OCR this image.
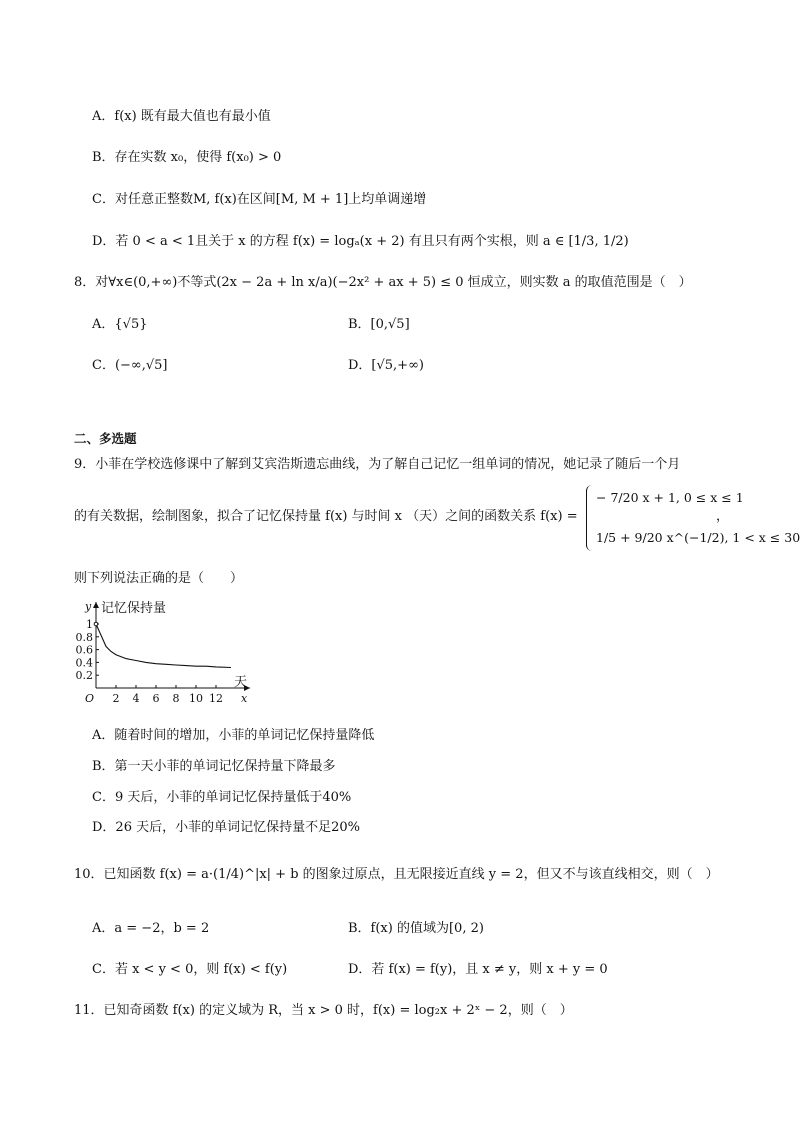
A．f(x) 既有最大值也有最小值
B．存在实数 x₀，使得 f(x₀) > 0
C．对任意正整数M, f(x)在区间[M, M + 1]上均单调递增
D．若 0 < a < 1且关于 x 的方程 f(x) = logₐ(x + 2) 有且只有两个实根，则 a ∈ [1/3, 1/2)
8．对∀x∈(0,+∞)不等式(2x − 2a + ln x/a)(−2x² + ax + 5) ≤ 0 恒成立，则实数 a 的取值范围是（　）
A．{√5}	B．[0,√5]
C．(−∞,√5]	D．[√5,+∞)
二、多选题
9．小菲在学校选修课中了解到艾宾浩斯遗忘曲线，为了解自己记忆一组单词的情况，她记录了随后一个月
的有关数据，绘制图象，拟合了记忆保持量 f(x) 与时间 x （天）之间的函数关系 f(x) =
− 7/20 x + 1, 0 ≤ x ≤ 1
1/5 + 9/20 x^(−1/2), 1 < x ≤ 30
，
则下列说法正确的是（　　）
y 记忆保持量
天
x
O 2 4 6 8 10 12
0.2
0.4
0.6
0.8
1
A．随着时间的增加，小菲的单词记忆保持量降低
B．第一天小菲的单词记忆保持量下降最多
C．9 天后，小菲的单词记忆保持量低于40%
D．26 天后，小菲的单词记忆保持量不足20%
10．已知函数 f(x) = a·(1/4)^|x| + b 的图象过原点，且无限接近直线 y = 2，但又不与该直线相交，则（　）
A．a = −2，b = 2	B．f(x) 的值域为[0, 2)
C．若 x < y < 0，则 f(x) < f(y)	D．若 f(x) = f(y)，且 x ≠ y，则 x + y = 0
11．已知奇函数 f(x) 的定义域为 R，当 x > 0 时，f(x) = log₂x + 2ˣ − 2，则（　）
